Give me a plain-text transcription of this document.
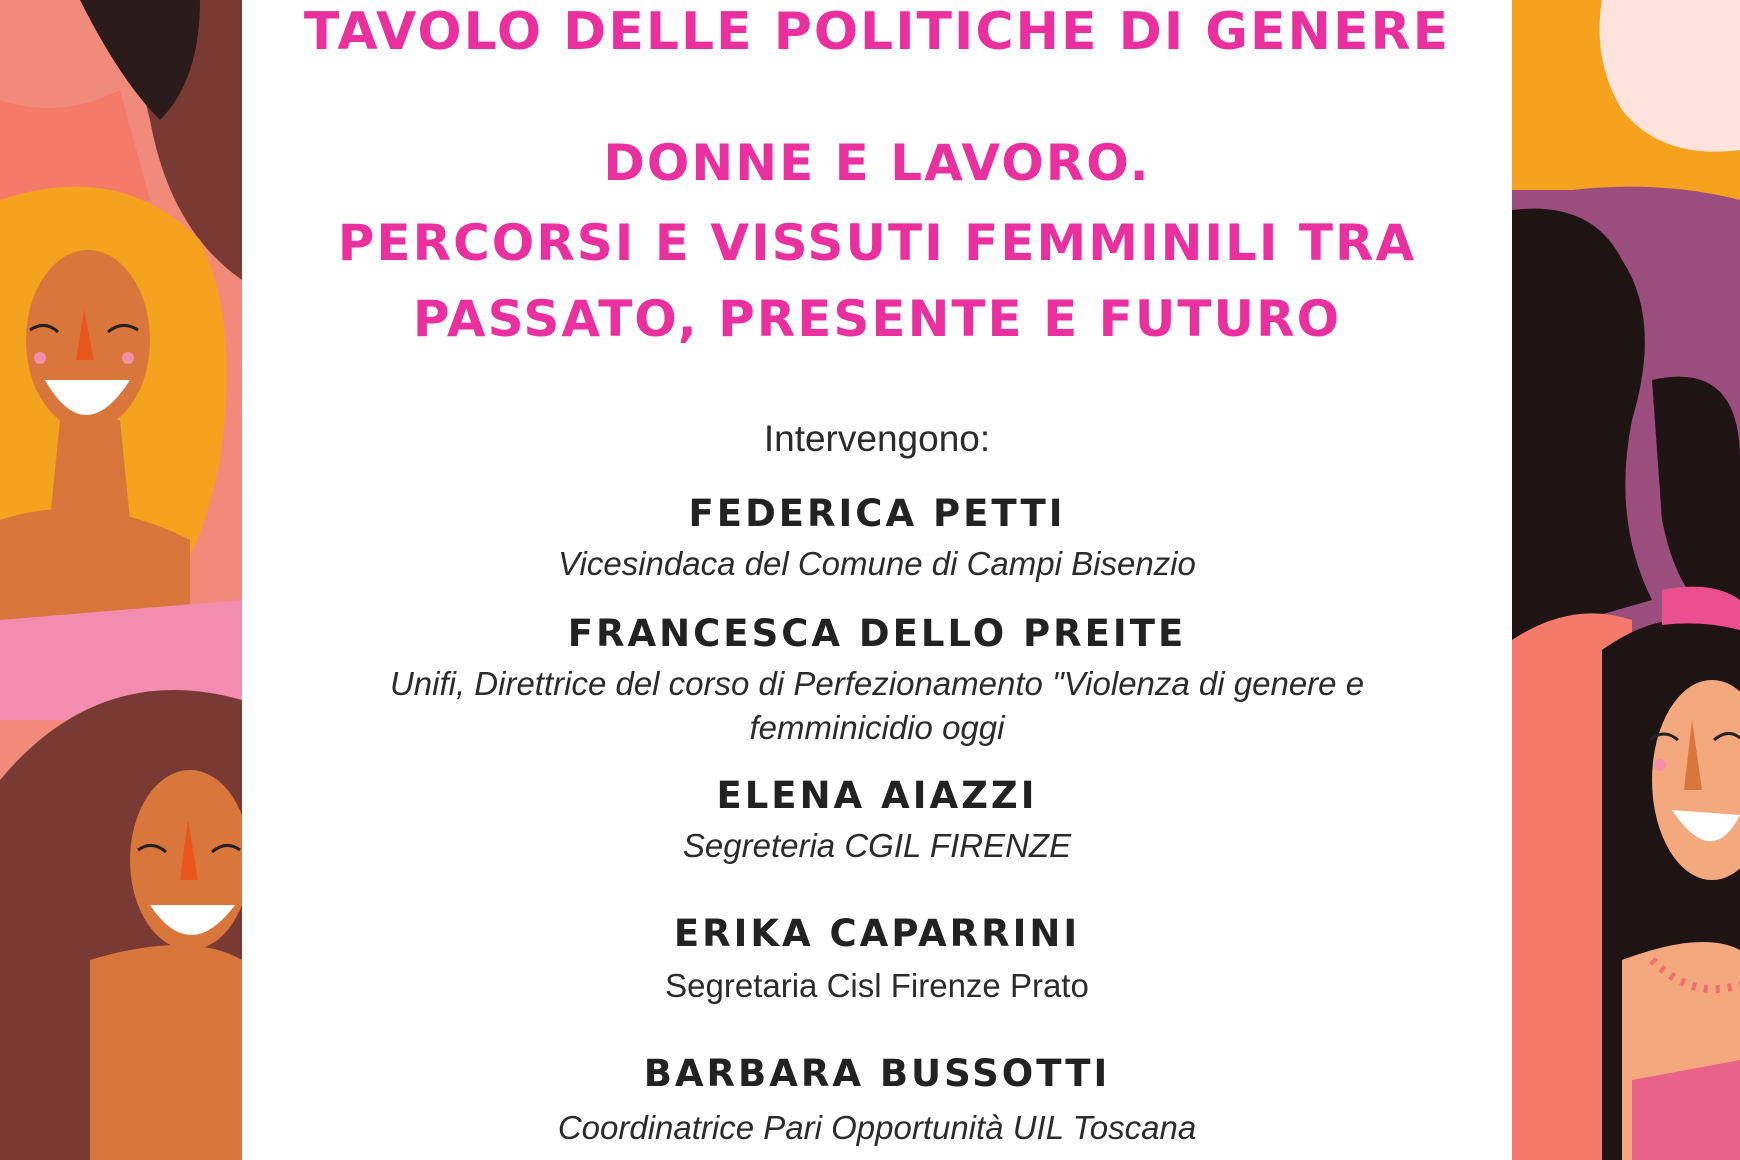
TAVOLO DELLE POLITICHE DI GENERE
DONNE E LAVORO.
PERCORSI E VISSUTI FEMMINILI TRA
PASSATO, PRESENTE E FUTURO
Intervengono:
FEDERICA PETTI
Vicesindaca del Comune di Campi Bisenzio
FRANCESCA DELLO PREITE
Unifi, Direttrice del corso di Perfezionamento "Violenza di genere e femminicidio oggi
ELENA AIAZZI
Segreteria CGIL FIRENZE
ERIKA CAPARRINI
Segretaria Cisl Firenze Prato
BARBARA BUSSOTTI
Coordinatrice Pari Opportunità UIL Toscana
